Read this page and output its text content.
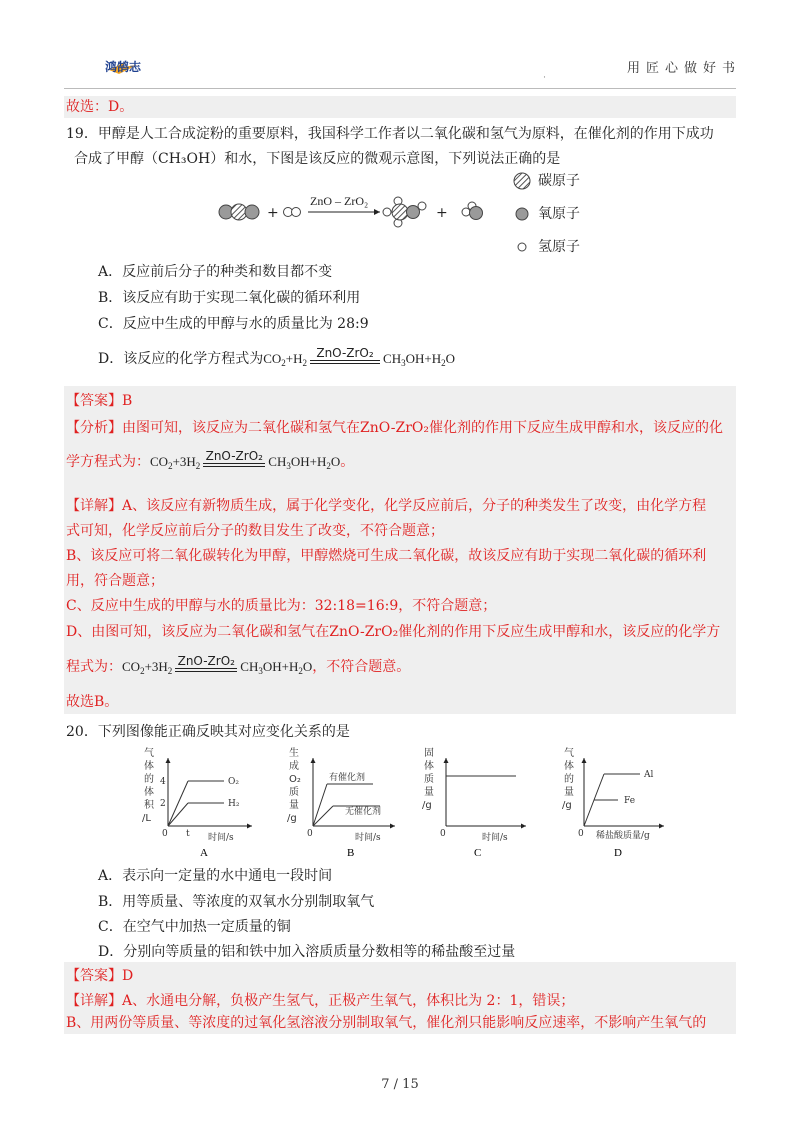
鸿鹄志	用匠心做好书
˙
故选：D。
19．甲醇是人工合成淀粉的重要原料，我国科学工作者以二氧化碳和氢气为原料，在催化剂的作用下成功
合成了甲醇（CH₃OH）和水，下图是该反应的微观示意图，下列说法正确的是
+
ZnO – ZrO₂
+
碳原子
氧原子
氢原子
A．反应前后分子的种类和数目都不变
B．该反应有助于实现二氧化碳的循环利用
C．反应中生成的甲醇与水的质量比为 28:9
D．该反应的化学方程式为$CO_2+H_2$
ZnO-ZrO₂ $CH_3OH+H_2O$
【答案】B
【分析】由图可知，该反应为二氧化碳和氢气在ZnO-ZrO₂催化剂的作用下反应生成甲醇和水，该反应的化
学方程式为：$CO_2+3H_2$
ZnO-ZrO₂ $CH_3OH+H_2O$。
【详解】A、该反应有新物质生成，属于化学变化，化学反应前后，分子的种类发生了改变，由化学方程
式可知，化学反应前后分子的数目发生了改变，不符合题意；
B、该反应可将二氧化碳转化为甲醇，甲醇燃烧可生成二氧化碳，故该反应有助于实现二氧化碳的循环利
用，符合题意；
C、反应中生成的甲醇与水的质量比为：32:18=16:9，不符合题意；
D、由图可知，该反应为二氧化碳和氢气在ZnO-ZrO₂催化剂的作用下反应生成甲醇和水，该反应的化学方
程式为：$CO_2+3H_2$
ZnO-ZrO₂ $CH_3OH+H_2O$，不符合题意。
故选B。
20．下列图像能正确反映其对应变化关系的是
气体的体积/L
4
2
O₂
H₂
0 t 时间/s
A
生成 O₂ 质量/g
有催化剂
无催化剂
0	时间/s
B
固体质量/g
0	时间/s
C
气体的量/g
Al
Fe
0 稀盐酸质量/g
D
A．表示向一定量的水中通电一段时间
B．用等质量、等浓度的双氧水分别制取氧气
C．在空气中加热一定质量的铜
D．分别向等质量的铝和铁中加入溶质质量分数相等的稀盐酸至过量
【答案】D
【详解】A、水通电分解，负极产生氢气，正极产生氧气，体积比为 2：1，错误；
B、用两份等质量、等浓度的过氧化氢溶液分别制取氧气，催化剂只能影响反应速率，不影响产生氧气的
7 / 15
